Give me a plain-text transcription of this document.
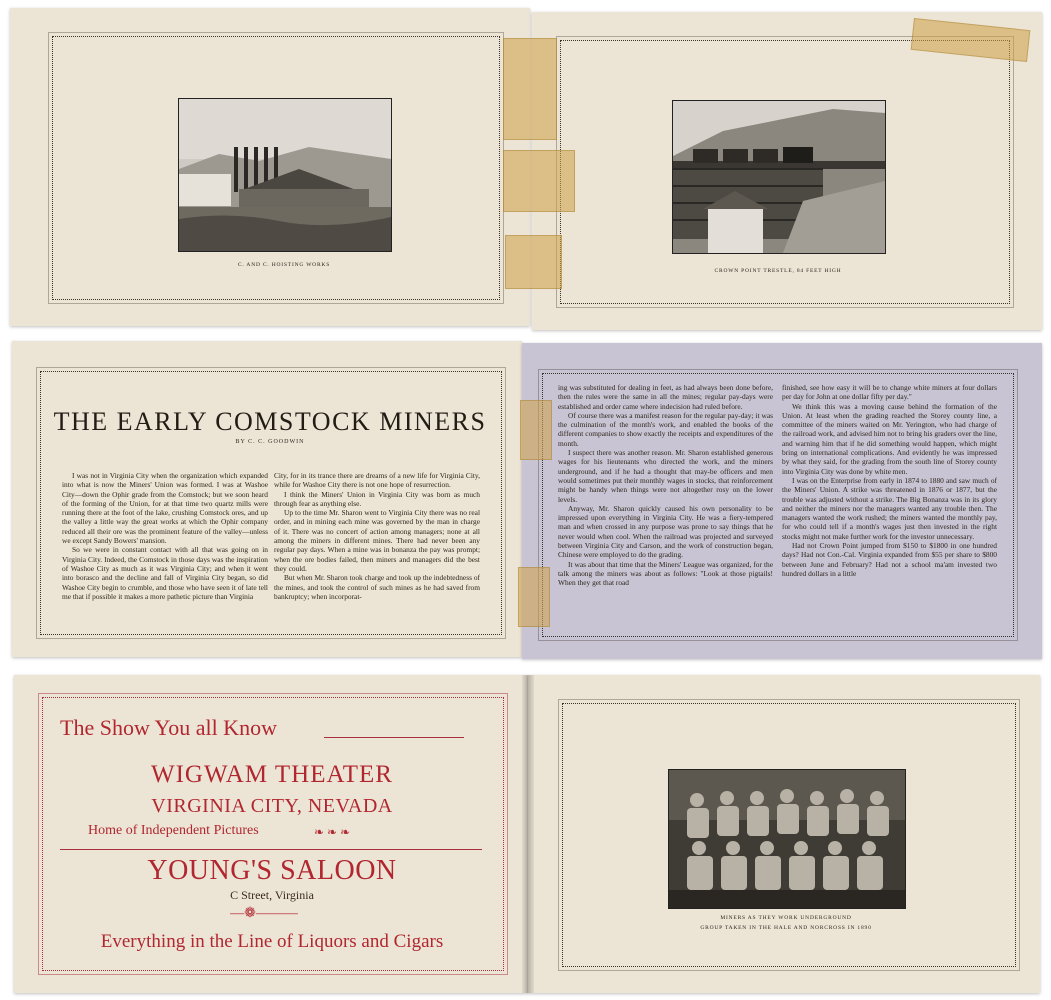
C. AND C. HOISTING WORKS
CROWN POINT TRESTLE, 84 FEET HIGH
THE EARLY COMSTOCK MINERS
BY C. C. GOODWIN

I was not in Virginia City when the organization which expanded into what is now the Miners' Union was formed. I was at Washoe City—down the Ophir grade from the Comstock; but we soon heard of the forming of the Union, for at that time two quartz mills were running there at the foot of the lake, crushing Comstock ores, and up the valley a little way the great works at which the Ophir company reduced all their ore was the prominent feature of the valley—unless we except Sandy Bowers' mansion.

So we were in constant contact with all that was going on in Virginia City. Indeed, the Comstock in those days was the inspiration of Washoe City as much as it was Virginia City; and when it went into borasco and the decline and fall of Virginia City began, so did Washoe City begin to crumble, and those who have seen it of late tell me that if possible it makes a more pathetic picture than Virginia

City, for in its trance there are dreams of a new life for Virginia City, while for Washoe City there is not one hope of resurrection.

I think the Miners' Union in Virginia City was born as much through fear as anything else.

Up to the time Mr. Sharon went to Virginia City there was no real order, and in mining each mine was governed by the man in charge of it. There was no concert of action among managers; none at all among the miners in different mines. There had never been any regular pay days. When a mine was in bonanza the pay was prompt; when the ore bodies failed, then miners and managers did the best they could.

But when Mr. Sharon took charge and took up the indebtedness of the mines, and took the control of such mines as he had saved from bankruptcy; when incorporat-

ing was substituted for dealing in feet, as had always been done before, then the rules were the same in all the mines; regular pay-days were established and order came where indecision had ruled before.

Of course there was a manifest reason for the regular pay-day; it was the culmination of the month's work, and enabled the books of the different companies to show exactly the receipts and expenditures of the month.

I suspect there was another reason. Mr. Sharon established generous wages for his lieutenants who directed the work, and the miners underground, and if he had a thought that may-be officers and men would sometimes put their monthly wages in stocks, that reinforcement might be handy when things were not altogether rosy on the lower levels.

Anyway, Mr. Sharon quickly caused his own personality to be impressed upon everything in Virginia City. He was a fiery-tempered man and when crossed in any purpose was prone to say things that he never would when cool. When the railroad was projected and surveyed between Virginia City and Carson, and the work of construction began, Chinese were employed to do the grading.

It was about that time that the Miners' League was organized, for the talk among the miners was about as follows: "Look at those pigtails! When they get that road

finished, see how easy it will be to change white miners at four dollars per day for John at one dollar fifty per day."

We think this was a moving cause behind the formation of the Union. At least when the grading reached the Storey county line, a committee of the miners waited on Mr. Yerington, who had charge of the railroad work, and advised him not to bring his graders over the line, and warning him that if he did something would happen, which might bring on international complications. And evidently he was impressed by what they said, for the grading from the south line of Storey county into Virginia City was done by white men.

I was on the Enterprise from early in 1874 to 1880 and saw much of the Miners' Union. A strike was threatened in 1876 or 1877, but the trouble was adjusted without a strike. The Big Bonanza was in its glory and neither the miners nor the managers wanted any trouble then. The managers wanted the work rushed; the miners wanted the monthly pay, for who could tell if a month's wages just then invested in the right stocks might not make further work for the investor unnecessary.

Had not Crown Point jumped from $150 to $1800 in one hundred days? Had not Con.-Cal. Virginia expanded from $55 per share to $800 between June and February? Had not a school ma'am invested two hundred dollars in a little

The Show You all Know
WIGWAM THEATER
VIRGINIA CITY, NEVADA
Home of Independent Pictures	❧ ❧ ❧
YOUNG'S SALOON
C Street, Virginia
—❁———
Everything in the Line of Liquors and Cigars
MINERS AS THEY WORK UNDERGROUND
GROUP TAKEN IN THE HALE AND NORCROSS IN 1890
